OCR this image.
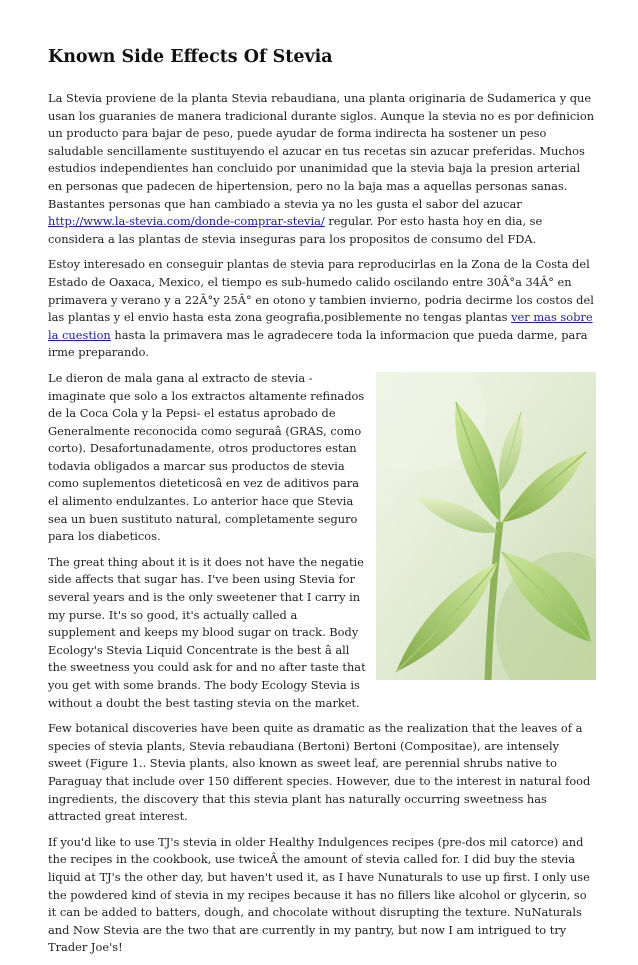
Known Side Effects Of Stevia

La Stevia proviene de la planta Stevia rebaudiana, una planta originaria de Sudamerica y que usan los guaranies de manera tradicional durante siglos. Aunque la stevia no es por definicion un producto para bajar de peso, puede ayudar de forma indirecta ha sostener un peso saludable sencillamente sustituyendo el azucar en tus recetas sin azucar preferidas. Muchos estudios independientes han concluido por unanimidad que la stevia baja la presion arterial en personas que padecen de hipertension, pero no la baja mas a aquellas personas sanas. Bastantes personas que han cambiado a stevia ya no les gusta el sabor del azucar http://www.la-stevia.com/donde-comprar-stevia/ regular. Por esto hasta hoy en dia, se considera a las plantas de stevia inseguras para los propositos de consumo del FDA.

Estoy interesado en conseguir plantas de stevia para reproducirlas en la Zona de la Costa del Estado de Oaxaca, Mexico, el tiempo es sub-humedo calido oscilando entre 30Â°a 34Â° en primavera y verano y a 22Â°y 25Â° en otono y tambien invierno, podria decirme los costos del las plantas y el envio hasta esta zona geografia,posiblemente no tengas plantas ver mas sobre la cuestion hasta la primavera mas le agradecere toda la informacion que pueda darme, para irme preparando.

Le dieron de mala gana al extracto de stevia -imaginate que solo a los extractos altamente refinados de la Coca Cola y la Pepsi- el estatus aprobado de Generalmente reconocida como seguraâ (GRAS, como corto). Desafortunadamente, otros productores estan todavia obligados a marcar sus productos de stevia como suplementos dieteticosâ en vez de aditivos para el alimento endulzantes. Lo anterior hace que Stevia sea un buen sustituto natural, completamente seguro para los diabeticos.

The great thing about it is it does not have the negatie side affects that sugar has. I've been using Stevia for several years and is the only sweetener that I carry in my purse. It's so good, it's actually called a supplement and keeps my blood sugar on track. Body Ecology's Stevia Liquid Concentrate is the best â all the sweetness you could ask for and no after taste that you get with some brands. The body Ecology Stevia is without a doubt the best tasting stevia on the market.

Few botanical discoveries have been quite as dramatic as the realization that the leaves of a species of stevia plants, Stevia rebaudiana (Bertoni) Bertoni (Compositae), are intensely sweet (Figure 1.. Stevia plants, also known as sweet leaf, are perennial shrubs native to Paraguay that include over 150 different species. However, due to the interest in natural food ingredients, the discovery that this stevia plant has naturally occurring sweetness has attracted great interest.

If you'd like to use TJ's stevia in older Healthy Indulgences recipes (pre-dos mil catorce) and the recipes in the cookbook, use twiceÂ the amount of stevia called for. I did buy the stevia liquid at TJ's the other day, but haven't used it, as I have Nunaturals to use up first. I only use the powdered kind of stevia in my recipes because it has no fillers like alcohol or glycerin, so it can be added to batters, dough, and chocolate without disrupting the texture. NuNaturals and Now Stevia are the two that are currently in my pantry, but now I am intrigued to try Trader Joe's!
